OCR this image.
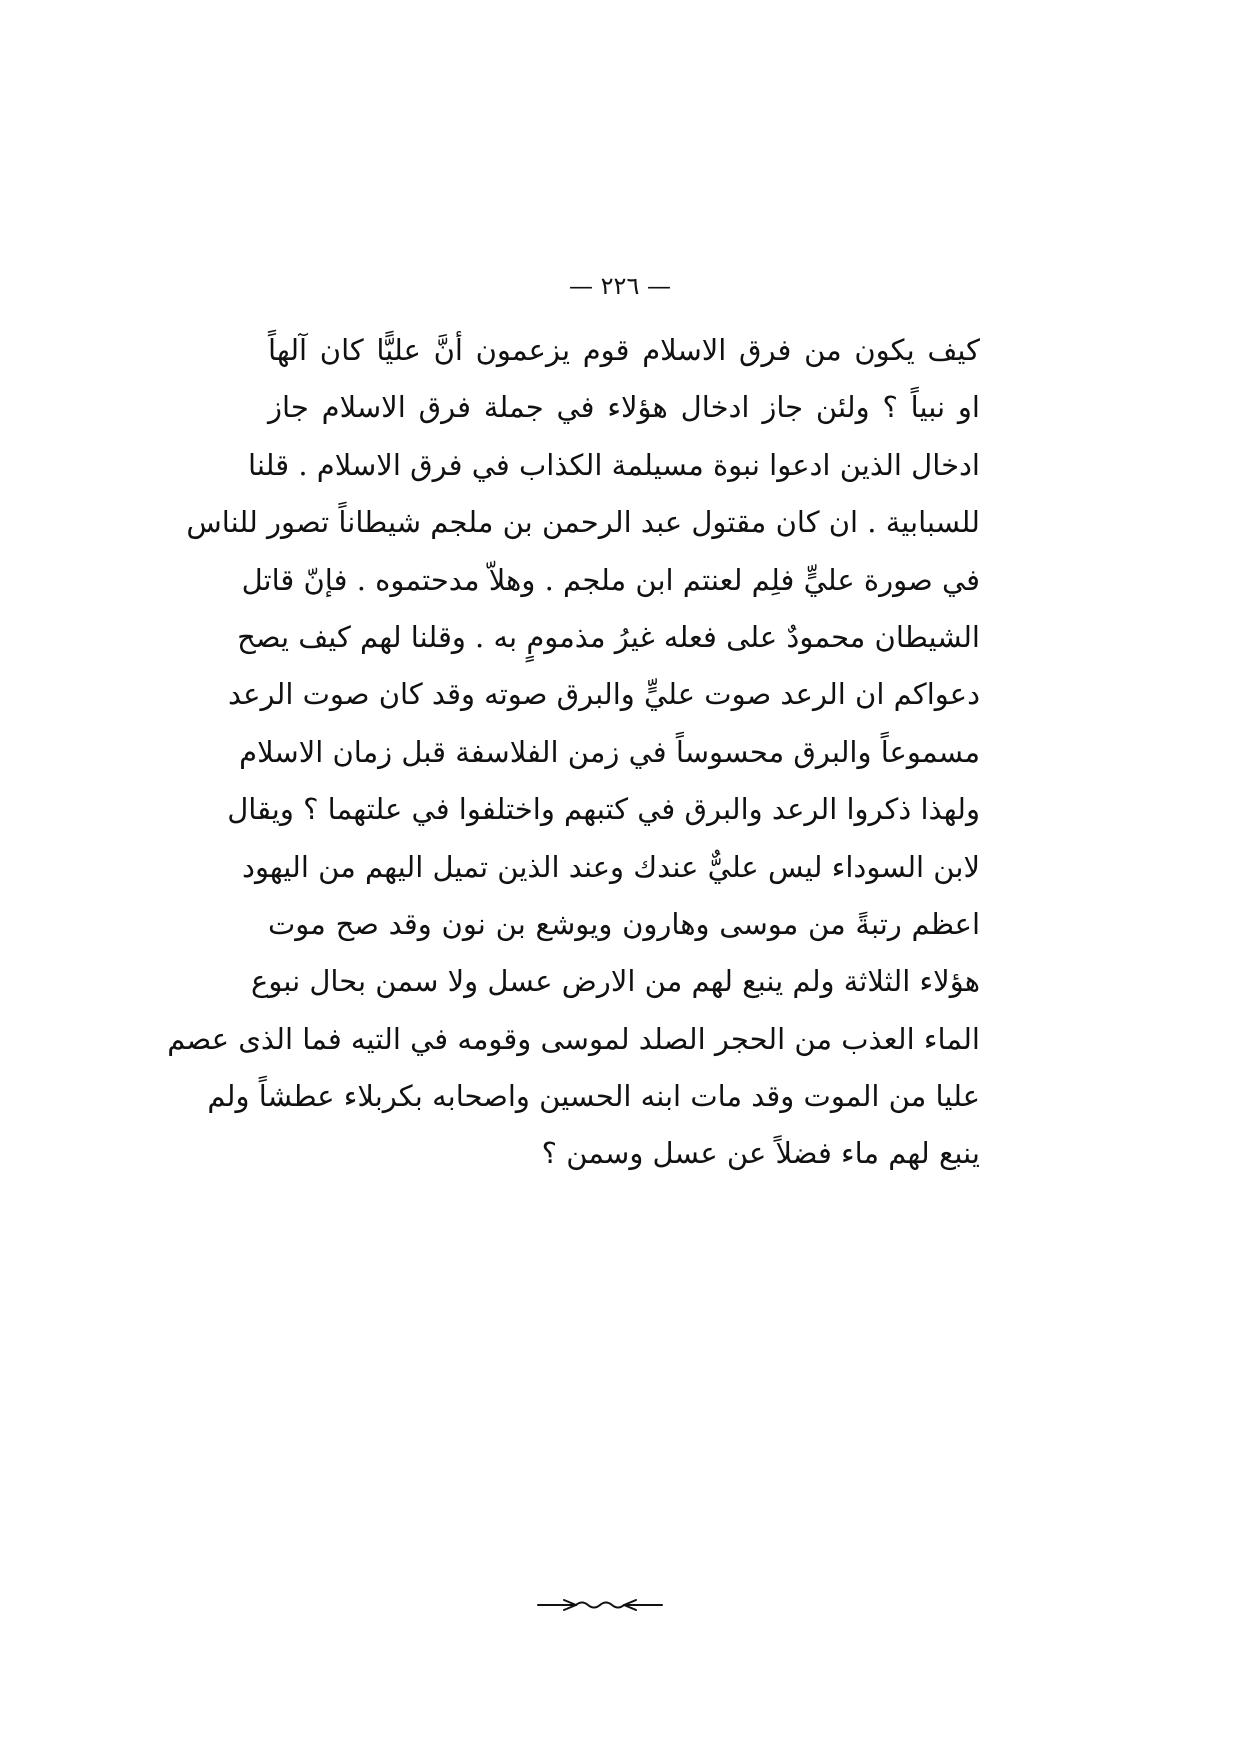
— ٢٢٦ —
كيف يكون من فرق الاسلام قوم يزعمون أنَّ عليًّا كان آلهاً
او نبياً ؟ ولئن جاز ادخال هؤلاء في جملة فرق الاسلام جاز
ادخال الذين ادعوا نبوة مسيلمة الكذاب في فرق الاسلام . قلنا
للسبابية . ان كان مقتول عبد الرحمن بن ملجم شيطاناً تصور للناس
في صورة عليٍّ فلِم لعنتم ابن ملجم . وهلاّ مدحتموه . فإنّ قاتل
الشيطان محمودٌ على فعله غيرُ مذمومٍ به . وقلنا لهم كيف يصح
دعواكم ان الرعد صوت عليٍّ والبرق صوته وقد كان صوت الرعد
مسموعاً والبرق محسوساً في زمن الفلاسفة قبل زمان الاسلام
ولهذا ذكروا الرعد والبرق في كتبهم واختلفوا في علتهما ؟ ويقال
لابن السوداء ليس عليٌّ عندك وعند الذين تميل اليهم من اليهود
اعظم رتبةً من موسى وهارون ويوشع بن نون وقد صح موت
هؤلاء الثلاثة ولم ينبع لهم من الارض عسل ولا سمن بحال نبوع
الماء العذب من الحجر الصلد لموسى وقومه في التيه فما الذى عصم
عليا من الموت وقد مات ابنه الحسين واصحابه بكربلاء عطشاً ولم
ينبع لهم ماء فضلاً عن عسل وسمن ؟
